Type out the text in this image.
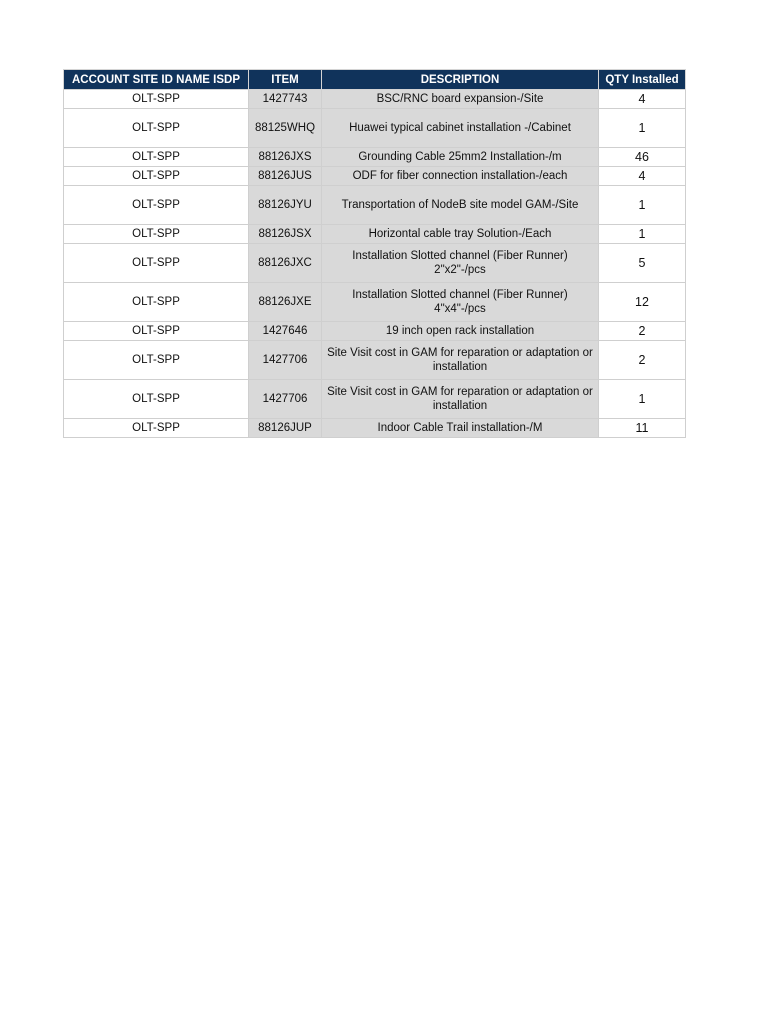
ACCOUNT SITE ID NAME ISDP	ITEM	DESCRIPTION	QTY Installed
OLT-SPP	1427743	BSC/RNC board expansion-/Site	4
OLT-SPP	88125WHQ	Huawei typical cabinet installation -/Cabinet	1
OLT-SPP	88126JXS	Grounding Cable 25mm2 Installation-/m	46
OLT-SPP	88126JUS	ODF for fiber connection installation-/each	4
OLT-SPP	88126JYU	Transportation of NodeB site model GAM-/Site	1
OLT-SPP	88126JSX	Horizontal cable tray Solution-/Each	1
OLT-SPP	88126JXC	Installation Slotted channel (Fiber Runner) 2"x2"-/pcs	5
OLT-SPP	88126JXE	Installation Slotted channel (Fiber Runner) 4"x4"-/pcs	12
OLT-SPP	1427646	19 inch open rack installation	2
OLT-SPP	1427706	Site Visit cost in GAM for reparation or adaptation or installation	2
OLT-SPP	1427706	Site Visit cost in GAM for reparation or adaptation or installation	1
OLT-SPP	88126JUP	Indoor Cable Trail installation-/M	11
